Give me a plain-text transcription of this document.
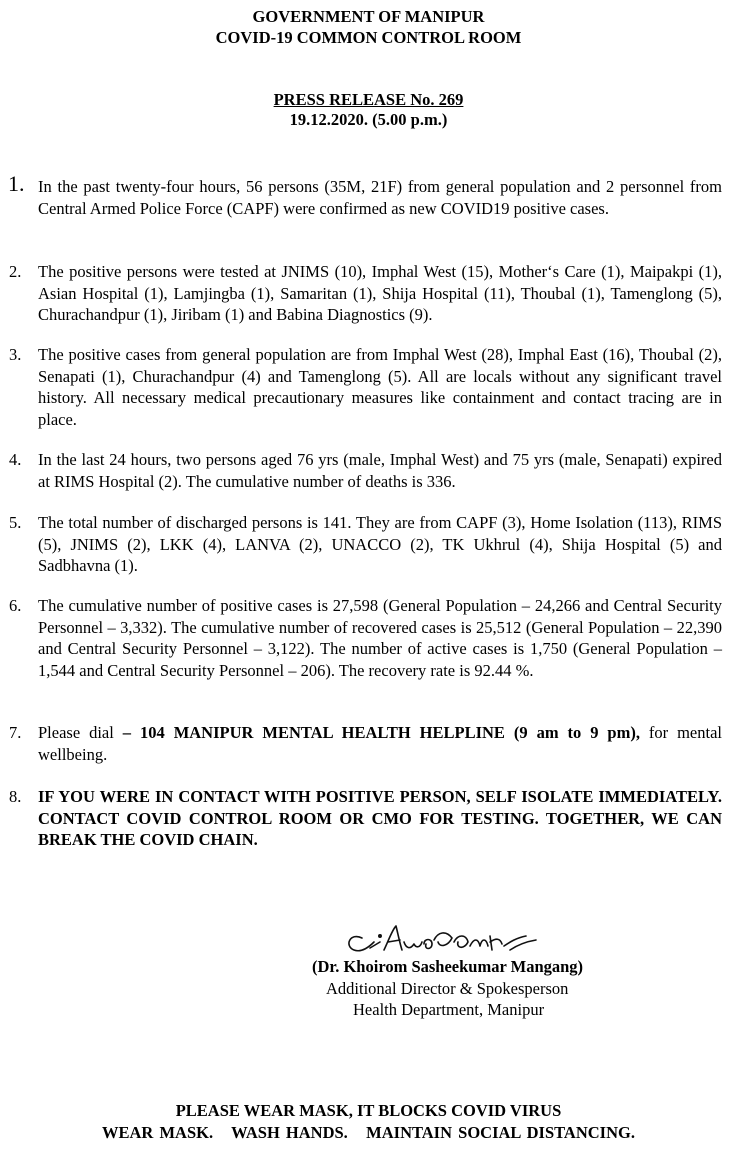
GOVERNMENT OF MANIPUR
COVID-19 COMMON CONTROL ROOM
PRESS RELEASE No. 269
19.12.2020. (5.00 p.m.)
1. In the past twenty-four hours, 56 persons (35M, 21F) from general population and 2 personnel from Central Armed Police Force (CAPF) were confirmed as new COVID19 positive cases.
2. The positive persons were tested at JNIMS (10), Imphal West (15), Mother‘s Care (1), Maipakpi (1), Asian Hospital (1), Lamjingba (1), Samaritan (1), Shija Hospital (11), Thoubal (1), Tamenglong (5), Churachandpur (1), Jiribam (1) and Babina Diagnostics (9).
3. The positive cases from general population are from Imphal West (28), Imphal East (16), Thoubal (2), Senapati (1), Churachandpur (4) and Tamenglong (5). All are locals without any significant travel history. All necessary medical precautionary measures like containment and contact tracing are in place.
4. In the last 24 hours, two persons aged 76 yrs (male, Imphal West) and 75 yrs (male, Senapati) expired at RIMS Hospital (2). The cumulative number of deaths is 336.
5. The total number of discharged persons is 141. They are from CAPF (3), Home Isolation (113), RIMS (5), JNIMS (2), LKK (4), LANVA (2), UNACCO (2), TK Ukhrul (4), Shija Hospital (5) and Sadbhavna (1).
6. The cumulative number of positive cases is 27,598 (General Population – 24,266 and Central Security Personnel – 3,332). The cumulative number of recovered cases is 25,512 (General Population – 22,390 and Central Security Personnel – 3,122). The number of active cases is 1,750 (General Population – 1,544 and Central Security Personnel – 206). The recovery rate is 92.44 %.
7. Please dial – 104 MANIPUR MENTAL HEALTH HELPLINE (9 am to 9 pm), for mental wellbeing.
8. IF YOU WERE IN CONTACT WITH POSITIVE PERSON, SELF ISOLATE IMMEDIATELY. CONTACT COVID CONTROL ROOM OR CMO FOR TESTING. TOGETHER, WE CAN BREAK THE COVID CHAIN.
(Dr. Khoirom Sasheekumar Mangang)
Additional Director & Spokesperson
Health Department, Manipur
PLEASE WEAR MASK, IT BLOCKS COVID VIRUS
WEAR MASK.   WASH HANDS.   MAINTAIN SOCIAL DISTANCING.
